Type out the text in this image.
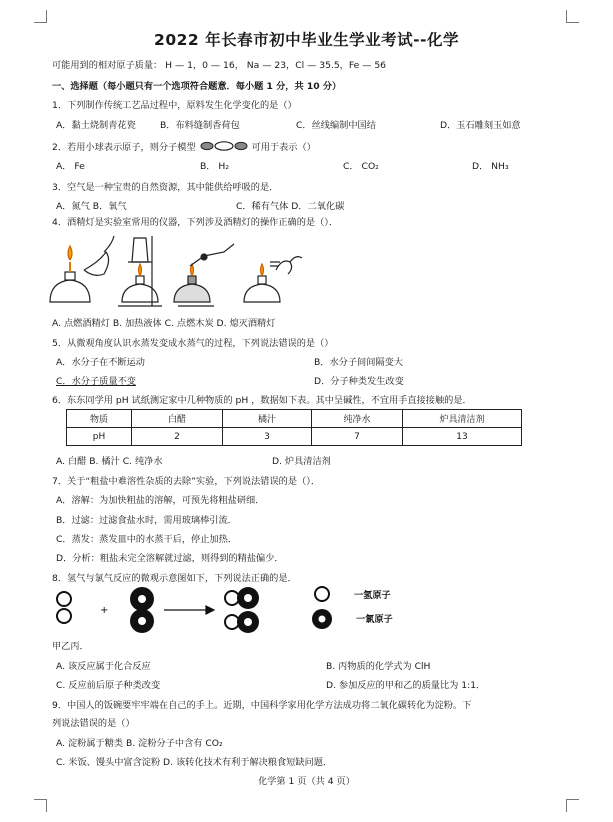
2022 年长春市初中毕业生学业考试--化学
可能用到的相对原子质量： H — 1，0 — 16， Na — 23，Cl — 35.5，Fe — 56
一、选择题（每小题只有一个选项符合题意．每小题 1 分，共 10 分）
1．下列制作传统工艺品过程中，原料发生化学变化的是（）
A．黏土烧制青花瓷	B．布料缝制香荷包	C．丝线编制中国结	D．玉石雕刻玉如意
2．若用小球表示原子，则分子模型	可用于表示（）
A． Fe	B． H₂	C． CO₂	D． NH₃
3．空气是一种宝贵的自然资源，其中能供给呼吸的是．
A．氮气 B．氧气	C．稀有气体 D．二氧化碳
4．酒精灯是实验室常用的仪器，下列涉及酒精灯的操作正确的是（）．
A. 点燃酒精灯 B. 加热液体 C. 点燃木炭 D. 熄灭酒精灯
5．从微观角度认识水蒸发变成水蒸气的过程，下列说法错误的是（）
A．水分子在不断运动	B．水分子间间隔变大
C．水分子质量不变	D．分子种类发生改变
6．东东同学用 pH 试纸测定家中几种物质的 pH ，数据如下表。其中呈碱性，不宜用手直接接触的是．
物质	白醋	橘汁	纯净水	炉具清洁剂
pH	2	3	7	13
A. 白醋 B. 橘汁 C. 纯净水	D. 炉具清洁剂
7．关于“粗盐中难溶性杂质的去除”实验，下列说法错误的是（）．
A．溶解：为加快粗盐的溶解，可预先将粗盐研细．
B．过滤：过滤食盐水时，需用玻璃棒引流．
C．蒸发：蒸发皿中的水蒸干后，停止加热．
D．分析：粗盐未完全溶解就过滤，则得到的精盐偏少．
8．氢气与氯气反应的微观示意图如下，下列说法正确的是．
+
一氢原子
一氯原子
甲乙丙．
A. 该反应属于化合反应	B. 丙物质的化学式为 ClH
C. 反应前后原子种类改变	D. 参加反应的甲和乙的质量比为 1:1．
9．中国人的饭碗要牢牢端在自己的手上。近期，中国科学家用化学方法成功将二氧化碳转化为淀粉。下
列说法错误的是（）
A. 淀粉属于糖类 B. 淀粉分子中含有 CO₂
C. 米饭、馒头中富含淀粉 D. 该转化技术有利于解决粮食短缺问题．
化学第 1 页（共 4 页）
